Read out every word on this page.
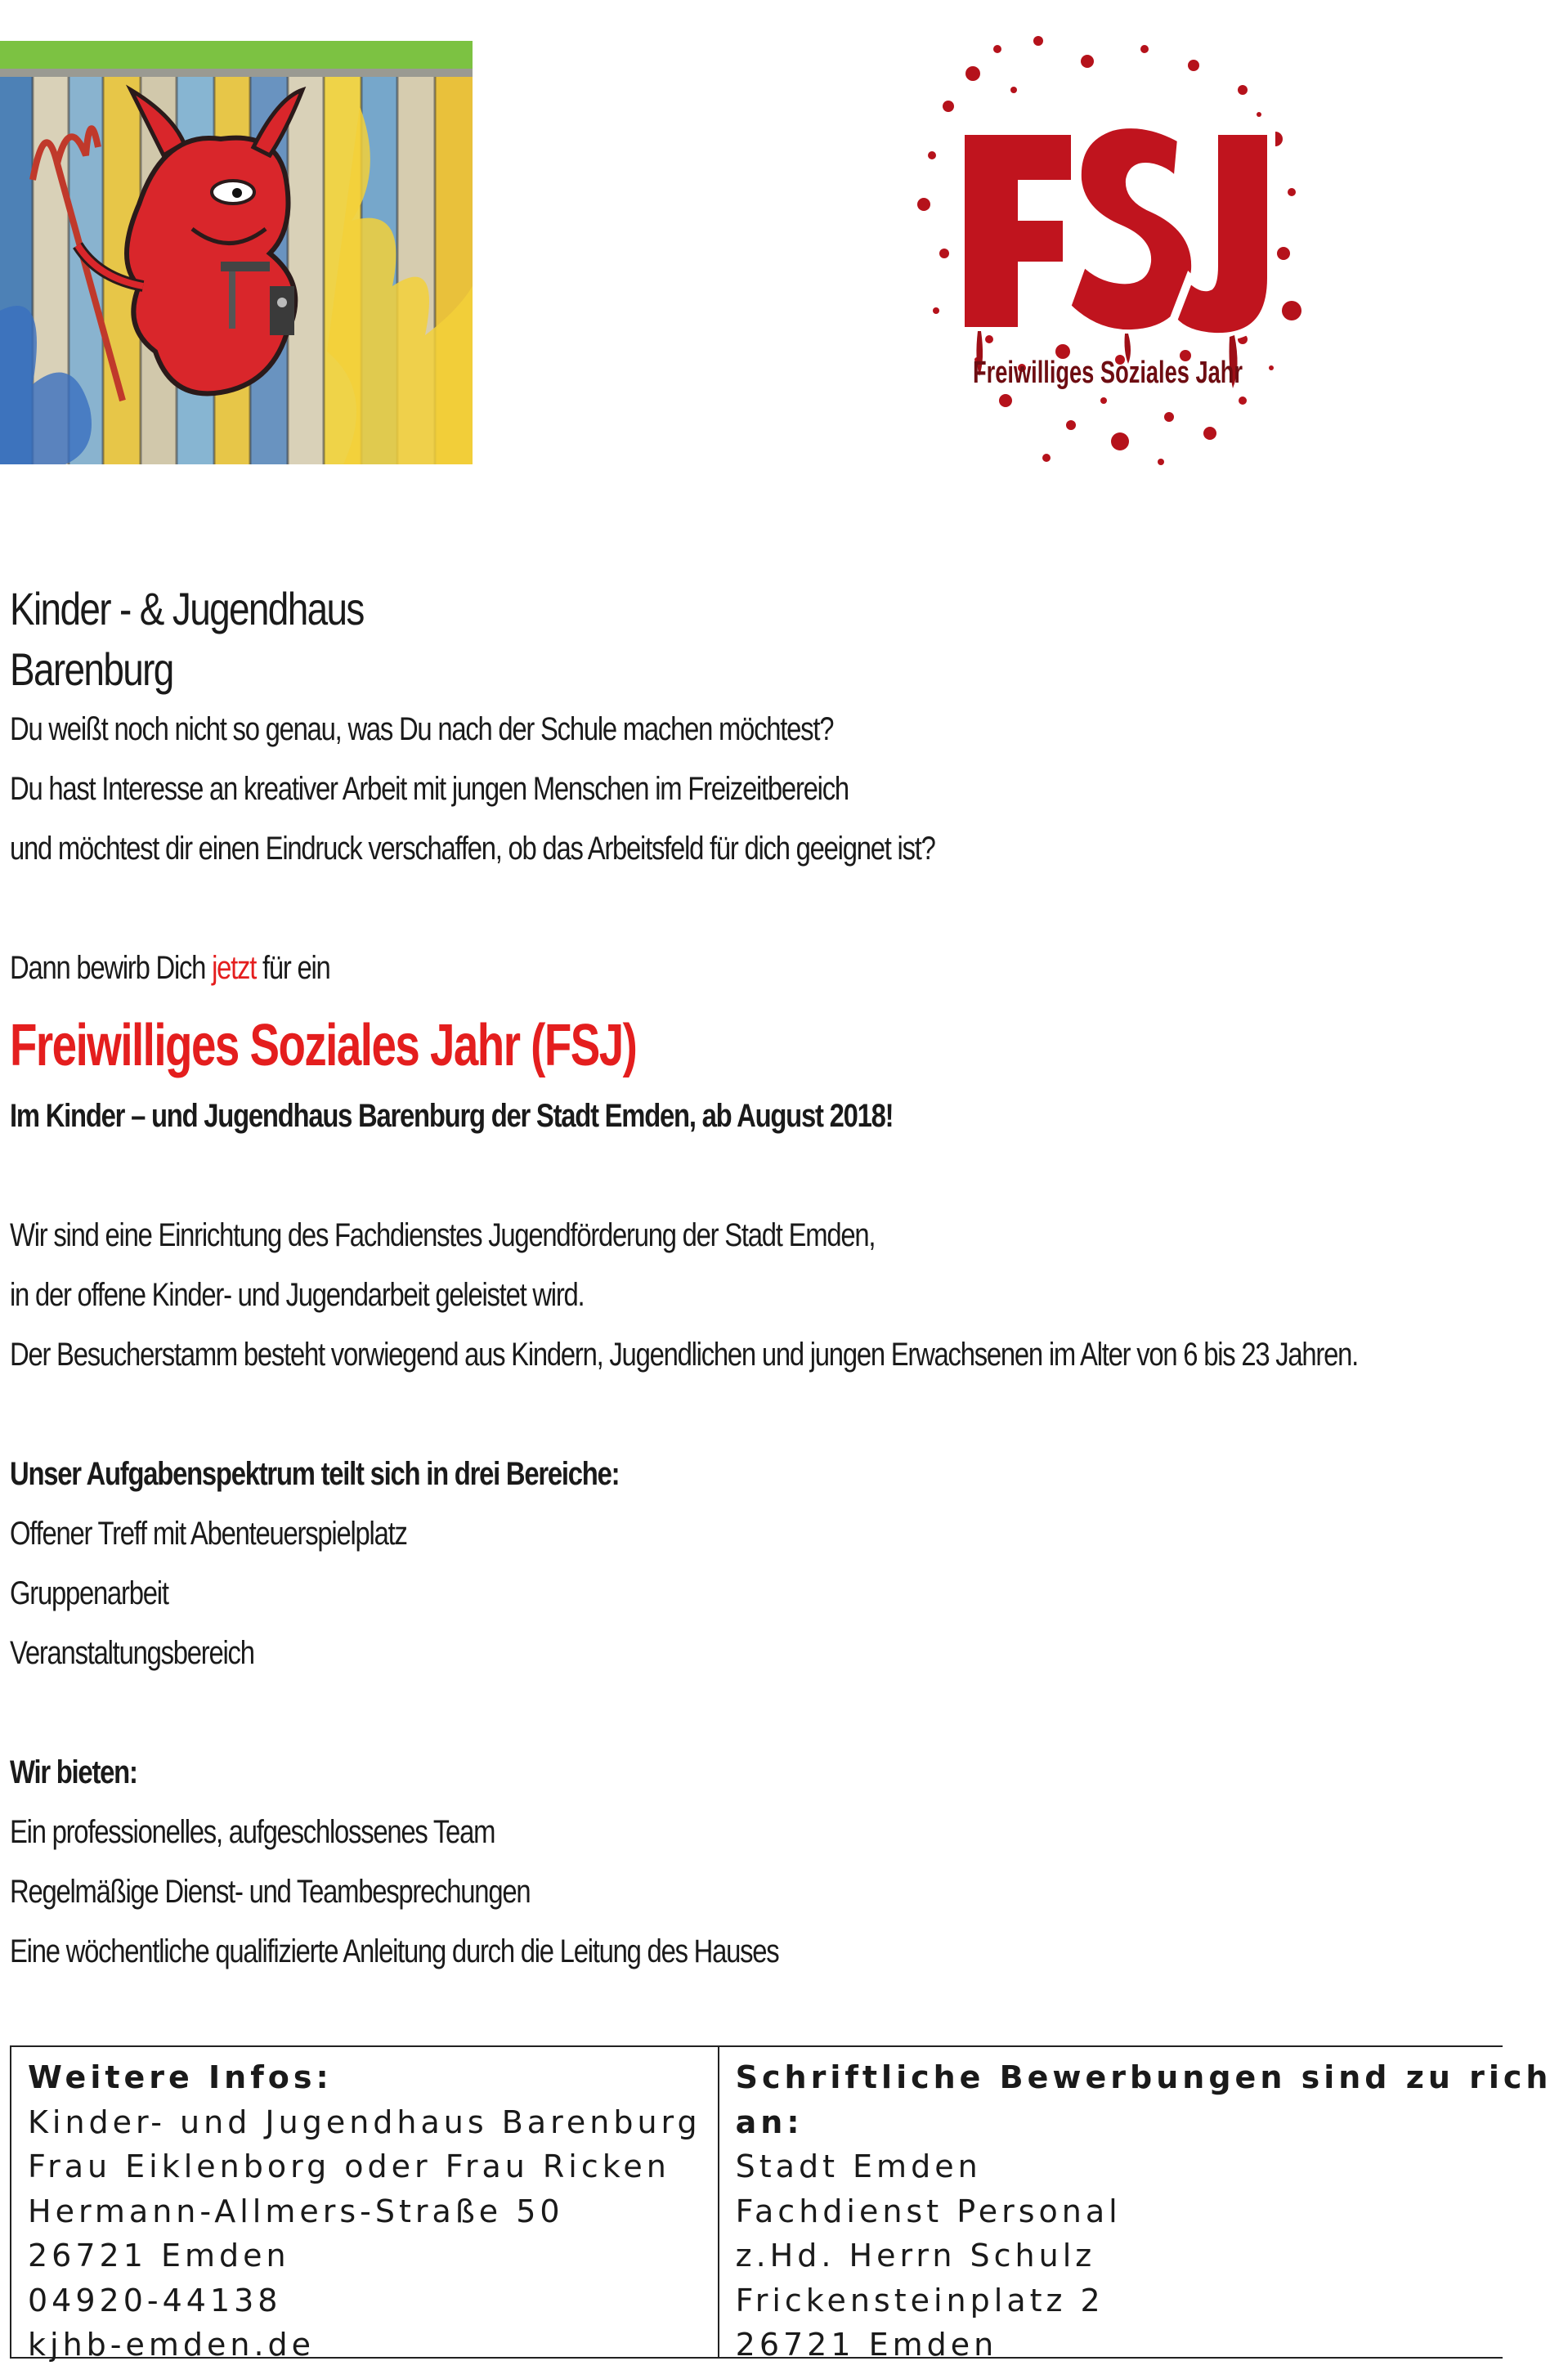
Freiwilliges Soziales Jahr
Kinder - & Jugendhaus
Barenburg
Du weißt noch nicht so genau, was Du nach der Schule machen möchtest?
Du hast Interesse an kreativer Arbeit mit jungen Menschen im Freizeitbereich
und möchtest dir einen Eindruck verschaffen, ob das Arbeitsfeld für dich geeignet ist?
Dann bewirb Dich jetzt für ein
Freiwilliges Soziales Jahr (FSJ)
Im Kinder – und Jugendhaus Barenburg der Stadt Emden, ab August 2018!
Wir sind eine Einrichtung des Fachdienstes Jugendförderung der Stadt Emden,
in der offene Kinder- und Jugendarbeit geleistet wird.
Der Besucherstamm besteht vorwiegend aus Kindern, Jugendlichen und jungen Erwachsenen im Alter von 6 bis 23 Jahren.
Unser Aufgabenspektrum teilt sich in drei Bereiche:
Offener Treff mit Abenteuerspielplatz
Gruppenarbeit
Veranstaltungsbereich
Wir bieten:
Ein professionelles, aufgeschlossenes Team
Regelmäßige Dienst- und Teambesprechungen
Eine wöchentliche qualifizierte Anleitung durch die Leitung des Hauses
Weitere Infos:
Kinder- und Jugendhaus Barenburg
Frau Eiklenborg oder Frau Ricken
Hermann-Allmers-Straße 50
26721 Emden
04920-44138
kjhb-emden.de
Schriftliche Bewerbungen sind zu rich
an:
Stadt Emden
Fachdienst Personal
z.Hd. Herrn Schulz
Frickensteinplatz 2
26721 Emden
